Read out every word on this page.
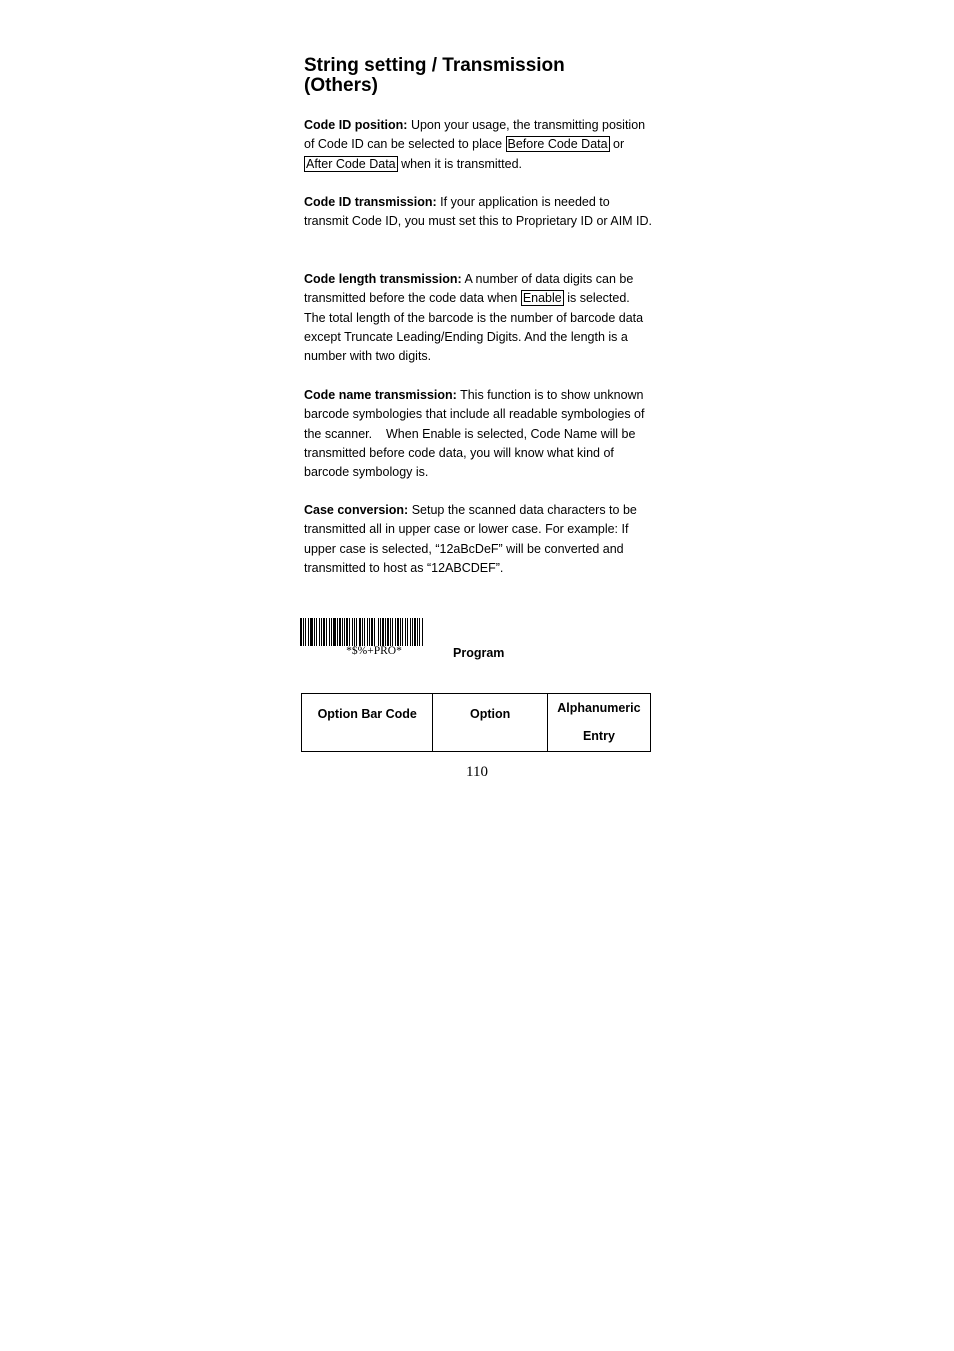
String setting / Transmission
(Others)

Code ID position: Upon your usage, the transmitting position of Code ID can be selected to place Before Code Data or After Code Data when it is transmitted.

Code ID transmission: If your application is needed to transmit Code ID, you must set this to Proprietary ID or AIM ID.

Code length transmission: A number of data digits can be transmitted before the code data when Enable is selected. The total length of the barcode is the number of barcode data except Truncate Leading/Ending Digits. And the length is a number with two digits.

Code name transmission: This function is to show unknown barcode symbologies that include all readable symbologies of the scanner.    When Enable is selected, Code Name will be transmitted before code data, you will know what kind of barcode symbology is.

Case conversion: Setup the scanned data characters to be transmitted all in upper case or lower case. For example: If upper case is selected, “12aBcDeF” will be converted and transmitted to host as “12ABCDEF”.

*$%+PRO*	Program
Option Bar Code	Option	Alphanumeric
Entry
110
